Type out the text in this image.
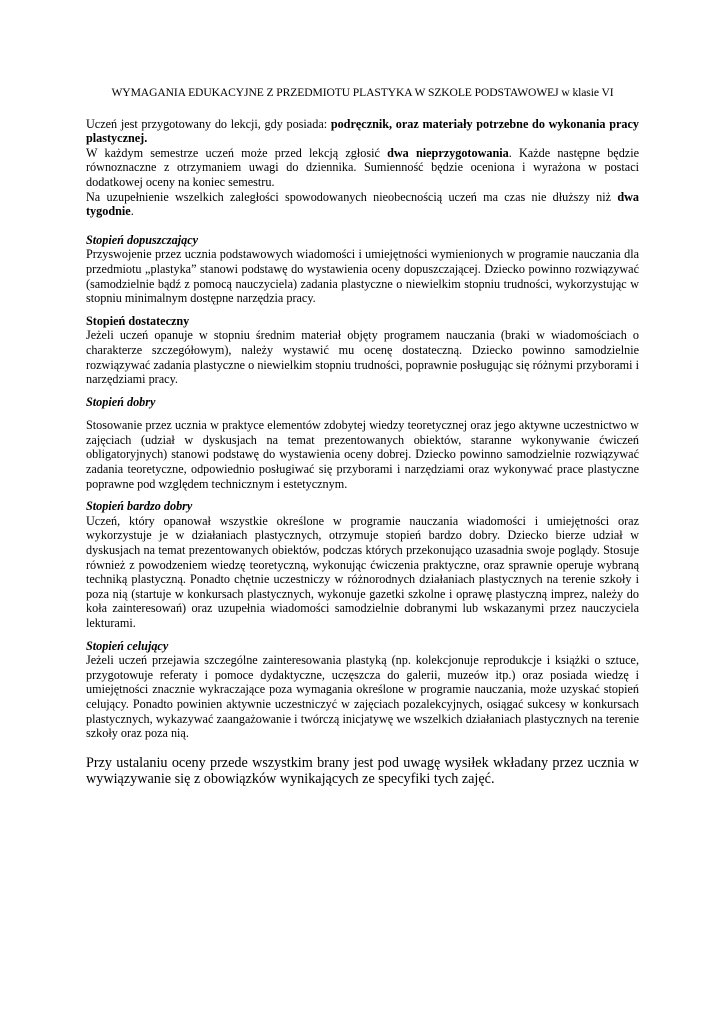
WYMAGANIA EDUKACYJNE Z PRZEDMIOTU PLASTYKA W SZKOLE PODSTAWOWEJ w klasie VI

Uczeń jest przygotowany do lekcji, gdy posiada: podręcznik, oraz materiały potrzebne do wykonania pracy plastycznej.

W każdym semestrze uczeń może przed lekcją zgłosić dwa nieprzygotowania. Każde następne będzie równoznaczne z otrzymaniem uwagi do dziennika. Sumienność będzie oceniona i wyrażona w postaci dodatkowej oceny na koniec semestru.

Na uzupełnienie wszelkich zaległości spowodowanych nieobecnością uczeń ma czas nie dłuższy niż dwa tygodnie.

Stopień dopuszczający

Przyswojenie przez ucznia podstawowych wiadomości i umiejętności wymienionych w programie nauczania dla przedmiotu „plastyka” stanowi podstawę do wystawienia oceny dopuszczającej. Dziecko powinno rozwiązywać (samodzielnie bądź z pomocą nauczyciela) zadania plastyczne o niewielkim stopniu trudności, wykorzystując w stopniu minimalnym dostępne narzędzia pracy.

Stopień dostateczny

Jeżeli uczeń opanuje w stopniu średnim materiał objęty programem nauczania (braki w wiadomościach o charakterze szczegółowym), należy wystawić mu ocenę dostateczną. Dziecko powinno samodzielnie rozwiązywać zadania plastyczne o niewielkim stopniu trudności, poprawnie posługując się różnymi przyborami i narzędziami pracy.

Stopień dobry

Stosowanie przez ucznia w praktyce elementów zdobytej wiedzy teoretycznej oraz jego aktywne uczestnictwo w zajęciach (udział w dyskusjach na temat prezentowanych obiektów, staranne wykonywanie ćwiczeń obligatoryjnych) stanowi podstawę do wystawienia oceny dobrej. Dziecko powinno samodzielnie rozwiązywać zadania teoretyczne, odpowiednio posługiwać się przyborami i narzędziami oraz wykonywać prace plastyczne poprawne pod względem technicznym i estetycznym.

Stopień bardzo dobry

Uczeń, który opanował wszystkie określone w programie nauczania wiadomości i umiejętności oraz wykorzystuje je w działaniach plastycznych, otrzymuje stopień bardzo dobry. Dziecko bierze udział w dyskusjach na temat prezentowanych obiektów, podczas których przekonująco uzasadnia swoje poglądy. Stosuje również z powodzeniem wiedzę teoretyczną, wykonując ćwiczenia praktyczne, oraz sprawnie operuje wybraną techniką plastyczną. Ponadto chętnie uczestniczy w różnorodnych działaniach plastycznych na terenie szkoły i poza nią (startuje w konkursach plastycznych, wykonuje gazetki szkolne i oprawę plastyczną imprez, należy do koła zainteresowań) oraz uzupełnia wiadomości samodzielnie dobranymi lub wskazanymi przez nauczyciela lekturami.

Stopień celujący

Jeżeli uczeń przejawia szczególne zainteresowania plastyką (np. kolekcjonuje reprodukcje i książki o sztuce, przygotowuje referaty i pomoce dydaktyczne, uczęszcza do galerii, muzeów itp.) oraz posiada wiedzę i umiejętności znacznie wykraczające poza wymagania określone w programie nauczania, może uzyskać stopień celujący. Ponadto powinien aktywnie uczestniczyć w zajęciach pozalekcyjnych, osiągać sukcesy w konkursach plastycznych, wykazywać zaangażowanie i twórczą inicjatywę we wszelkich działaniach plastycznych na terenie szkoły oraz poza nią.

Przy ustalaniu oceny przede wszystkim brany jest pod uwagę wysiłek wkładany przez ucznia w wywiązywanie się z obowiązków wynikających ze specyfiki tych zajęć.
